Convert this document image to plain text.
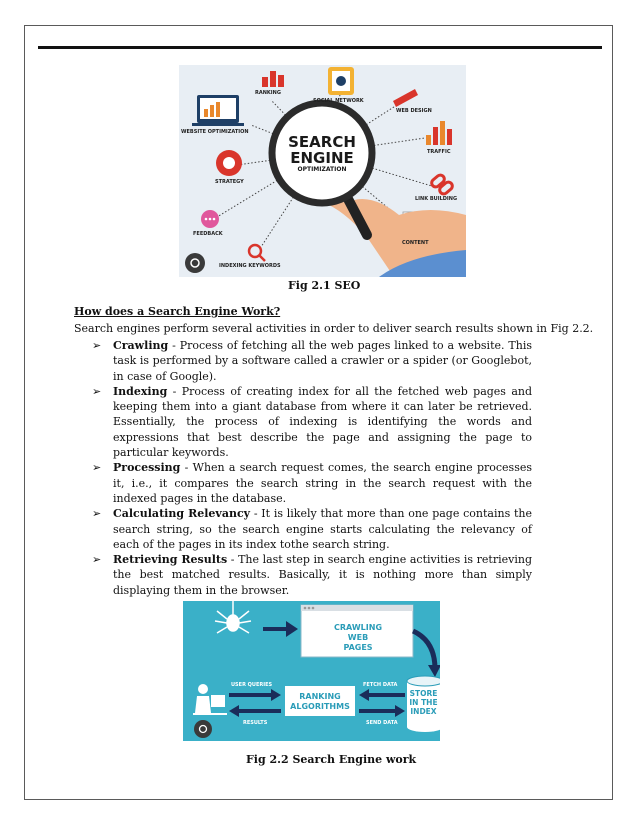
SEARCH
ENGINE
OPTIMIZATION
RANKING
SOCIAL NETWORK
WEB DESIGN
WEBSITE OPTIMIZATION
TRAFFIC
STRATEGY
LINK BUILDING
FEEDBACK
CONTENT
INDEXING KEYWORDS
Fig 2.1 SEO
How does a Search Engine Work?
Search engines perform several activities in order to deliver search results shown in Fig 2.2.
➢ Crawling - Process of fetching all the web pages linked to a website. This task is performed by a software called a crawler or a spider (or Googlebot, in case of Google).
➢ Indexing - Process of creating index for all the fetched web pages and keeping them into a giant database from where it can later be retrieved. Essentially, the process of indexing is identifying the words and expressions that best describe the page and assigning the page to particular keywords.
➢ Processing - When a search request comes, the search engine processes it, i.e., it compares the search string in the search request with the indexed pages in the database.
➢ Calculating Relevancy - It is likely that more than one page contains the search string, so the search engine starts calculating the relevancy of each of the pages in its index tothe search string.
➢ Retrieving Results - The last step in search engine activities is retrieving the best matched results. Basically, it is nothing more than simply displaying them in the browser.
CRAWLING
WEB PAGES
RANKING
ALGORITHMS
STORE
IN THE
INDEX
USER QUERIES	FETCH DATA
RESULTS	SEND DATA
Fig 2.2 Search Engine work
